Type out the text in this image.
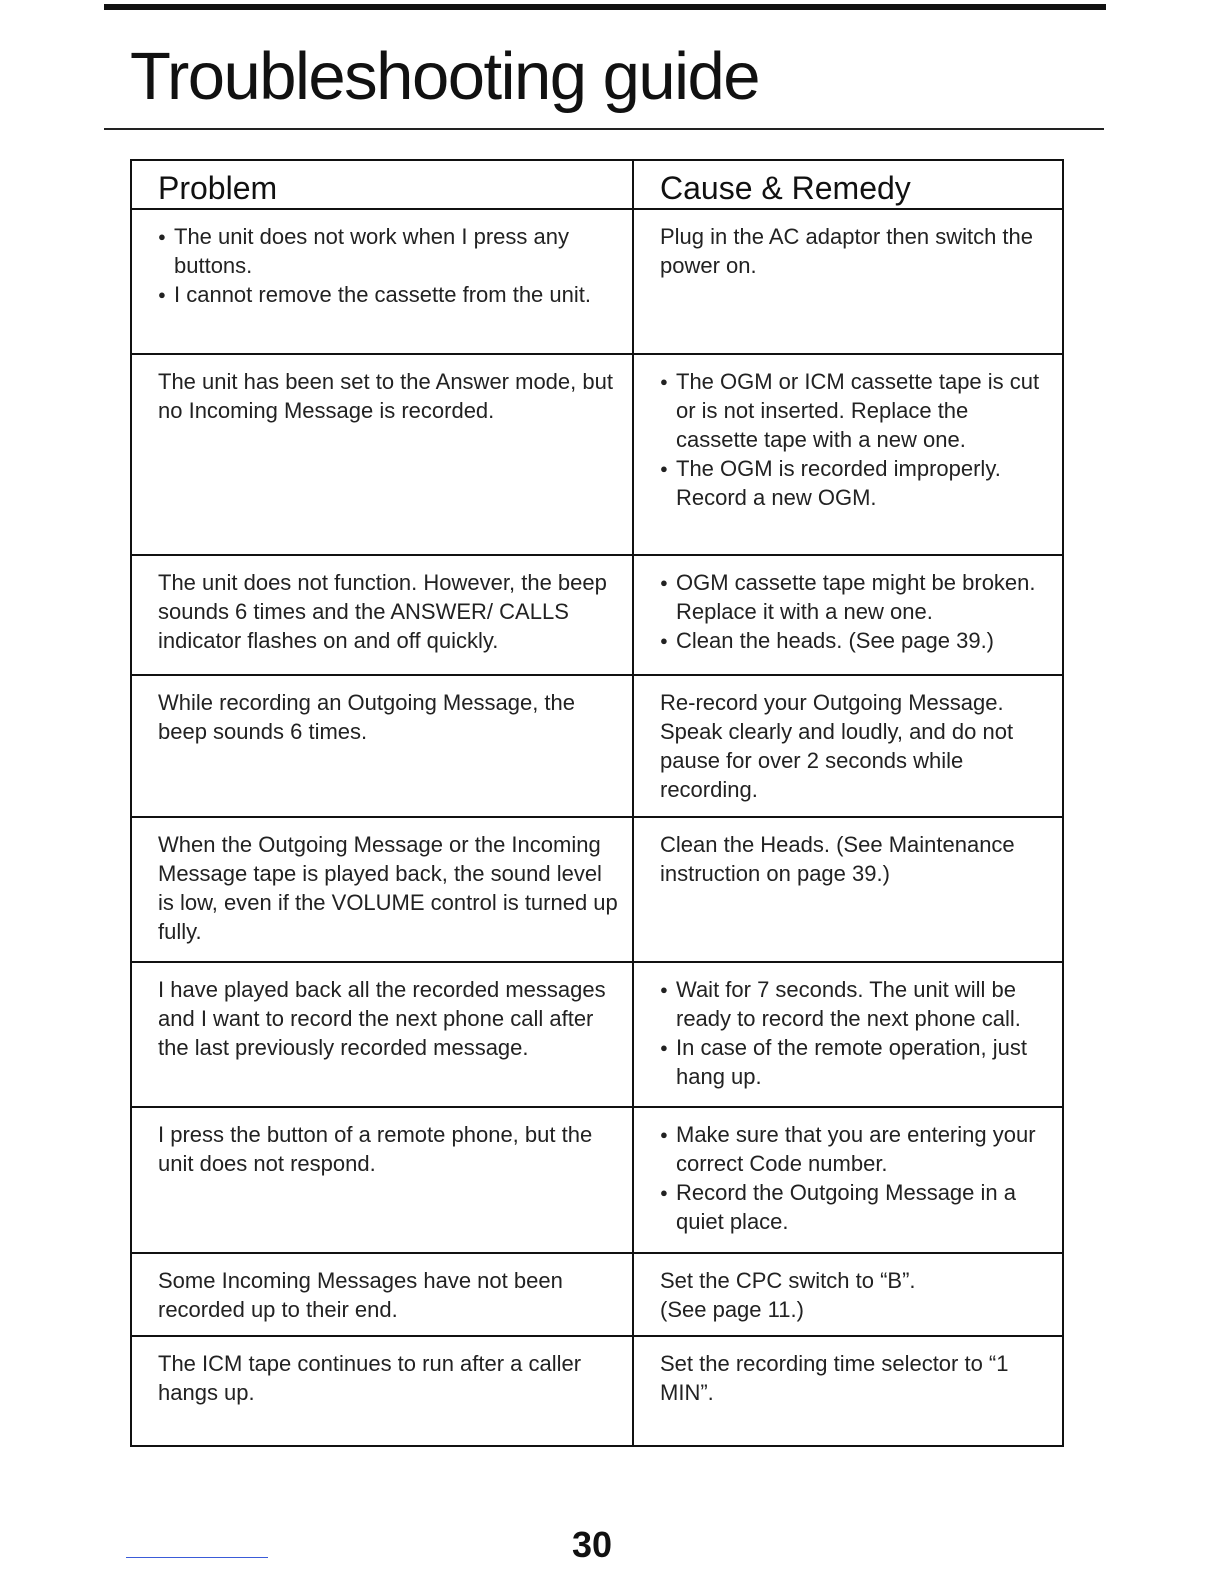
Troubleshooting guide
Problem	Cause & Remedy

● The unit does not work when I press any buttons.
● I cannot remove the cassette from the unit.	Plug in the AC adaptor then switch the power on.

The unit has been set to the Answer mode, but no Incoming Message is recorded.	● The OGM or ICM cassette tape is cut or is not inserted. Replace the cassette tape with a new one.
● The OGM is recorded improperly. Record a new OGM.

The unit does not function. However, the beep sounds 6 times and the ANSWER/ CALLS indicator flashes on and off quickly.	● OGM cassette tape might be broken. Replace it with a new one.
● Clean the heads. (See page 39.)

While recording an Outgoing Message, the beep sounds 6 times.	Re-record your Outgoing Message. Speak clearly and loudly, and do not pause for over 2 seconds while recording.

When the Outgoing Message or the Incoming Message tape is played back, the sound level is low, even if the VOLUME control is turned up fully.	Clean the Heads. (See Maintenance instruction on page 39.)

I have played back all the recorded messages and I want to record the next phone call after the last previously recorded message.	● Wait for 7 seconds. The unit will be ready to record the next phone call.
● In case of the remote operation, just hang up.

I press the button of a remote phone, but the unit does not respond.	● Make sure that you are entering your correct Code number.
● Record the Outgoing Message in a quiet place.

Some Incoming Messages have not been recorded up to their end.	Set the CPC switch to “B”.
(See page 11.)

The ICM tape continues to run after a caller hangs up.	Set the recording time selector to “1 MIN”.
30
